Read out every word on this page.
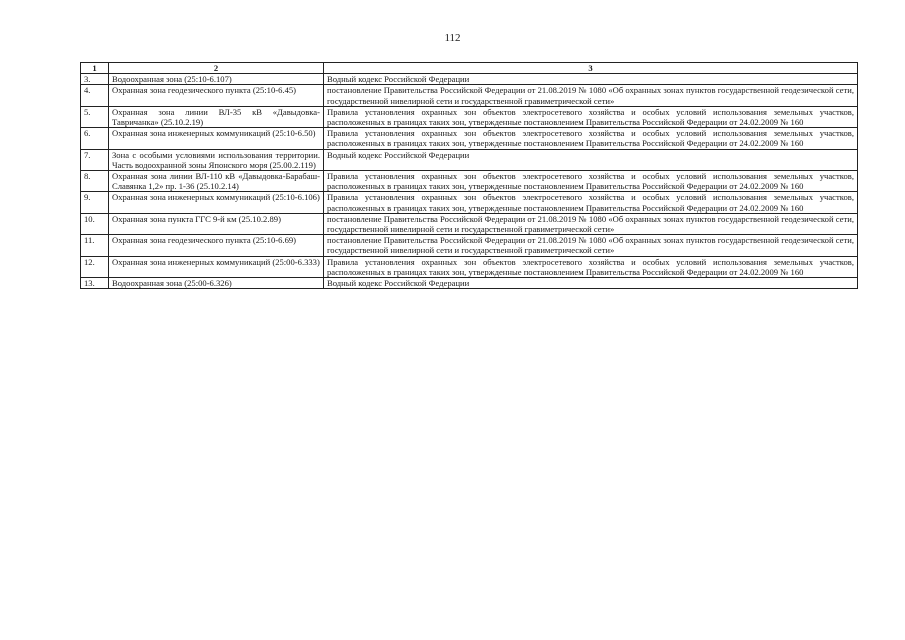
112
1	2	3
3.	Водоохранная зона (25:10-6.107)	Водный кодекс Российской Федерации
4.	Охранная зона геодезического пункта (25:10-6.45)	постановление Правительства Российской Федерации от 21.08.2019 № 1080 «Об охранных зонах пунктов государственной геодезической сети, государственной нивелирной сети и государственной гравиметрической сети»
5.	Охранная зона линии ВЛ-35 кВ «Давыдовка-Тавричанка» (25.10.2.19)	Правила установления охранных зон объектов электросетевого хозяйства и особых условий использования земельных участков, расположенных в границах таких зон, утвержденные постановлением Правительства Российской Федерации от 24.02.2009 № 160
6.	Охранная зона инженерных коммуникаций (25:10-6.50)	Правила установления охранных зон объектов электросетевого хозяйства и особых условий использования земельных участков, расположенных в границах таких зон, утвержденные постановлением Правительства Российской Федерации от 24.02.2009 № 160
7.	Зона с особыми условиями использования территории. Часть водоохранной зоны Японского моря (25.00.2.119)	Водный кодекс Российской Федерации
8.	Охранная зона линии ВЛ-110 кВ «Давыдовка-Барабаш-Славянка 1,2» пр. 1-36 (25.10.2.14)	Правила установления охранных зон объектов электросетевого хозяйства и особых условий использования земельных участков, расположенных в границах таких зон, утвержденные постановлением Правительства Российской Федерации от 24.02.2009 № 160
9.	Охранная зона инженерных коммуникаций (25:10-6.106)	Правила установления охранных зон объектов электросетевого хозяйства и особых условий использования земельных участков, расположенных в границах таких зон, утвержденные постановлением Правительства Российской Федерации от 24.02.2009 № 160
10.	Охранная зона пункта ГГС 9-й км (25.10.2.89)	постановление Правительства Российской Федерации от 21.08.2019 № 1080 «Об охранных зонах пунктов государственной геодезической сети, государственной нивелирной сети и государственной гравиметрической сети»
11.	Охранная зона геодезического пункта (25:10-6.69)	постановление Правительства Российской Федерации от 21.08.2019 № 1080 «Об охранных зонах пунктов государственной геодезической сети, государственной нивелирной сети и государственной гравиметрической сети»
12.	Охранная зона инженерных коммуникаций (25:00-6.333)	Правила установления охранных зон объектов электросетевого хозяйства и особых условий использования земельных участков, расположенных в границах таких зон, утвержденные постановлением Правительства Российской Федерации от 24.02.2009 № 160
13.	Водоохранная зона (25:00-6.326)	Водный кодекс Российской Федерации
